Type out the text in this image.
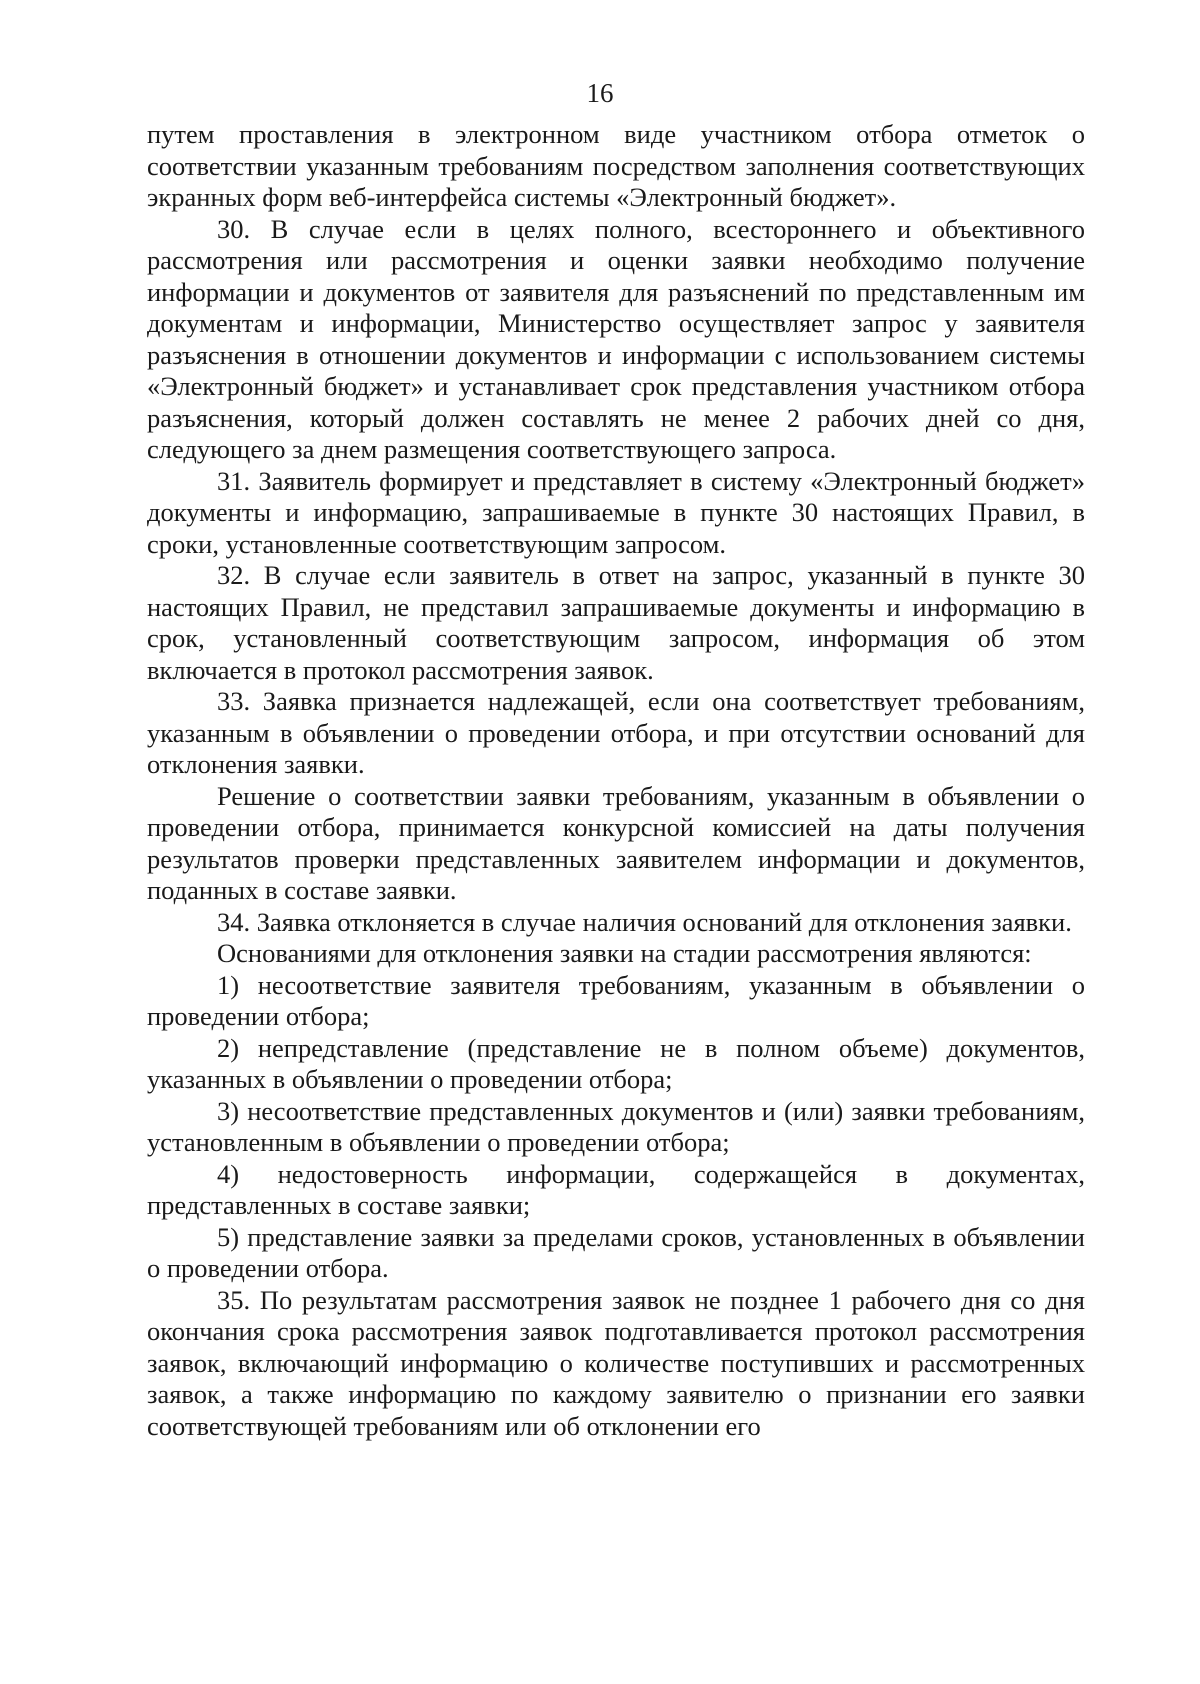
16

путем проставления в электронном виде участником отбора отметок о соответствии указанным требованиям посредством заполнения соответствующих экранных форм веб-интерфейса системы «Электронный бюджет».

30. В случае если в целях полного, всестороннего и объективного рассмотрения или рассмотрения и оценки заявки необходимо получение информации и документов от заявителя для разъяснений по представленным им документам и информации, Министерство осуществляет запрос у заявителя разъяснения в отношении документов и информации с использованием системы «Электронный бюджет» и устанавливает срок представления участником отбора разъяснения, который должен составлять не менее 2 рабочих дней со дня, следующего за днем размещения соответствующего запроса.

31. Заявитель формирует и представляет в систему «Электронный бюджет» документы и информацию, запрашиваемые в пункте 30 настоящих Правил, в сроки, установленные соответствующим запросом.

32. В случае если заявитель в ответ на запрос, указанный в пункте 30 настоящих Правил, не представил запрашиваемые документы и информацию в срок, установленный соответствующим запросом, информация об этом включается в протокол рассмотрения заявок.

33. Заявка признается надлежащей, если она соответствует требованиям, указанным в объявлении о проведении отбора, и при отсутствии оснований для отклонения заявки.

Решение о соответствии заявки требованиям, указанным в объявлении о проведении отбора, принимается конкурсной комиссией на даты получения результатов проверки представленных заявителем информации и документов, поданных в составе заявки.

34. Заявка отклоняется в случае наличия оснований для отклонения заявки.

Основаниями для отклонения заявки на стадии рассмотрения являются:

1) несоответствие заявителя требованиям, указанным в объявлении о проведении отбора;

2) непредставление (представление не в полном объеме) документов, указанных в объявлении о проведении отбора;

3) несоответствие представленных документов и (или) заявки требованиям, установленным в объявлении о проведении отбора;

4) недостоверность информации, содержащейся в документах, представленных в составе заявки;

5) представление заявки за пределами сроков, установленных в объявлении о проведении отбора.

35. По результатам рассмотрения заявок не позднее 1 рабочего дня со дня окончания срока рассмотрения заявок подготавливается протокол рассмотрения заявок, включающий информацию о количестве поступивших и рассмотренных заявок, а также информацию по каждому заявителю о признании его заявки соответствующей требованиям или об отклонении его
